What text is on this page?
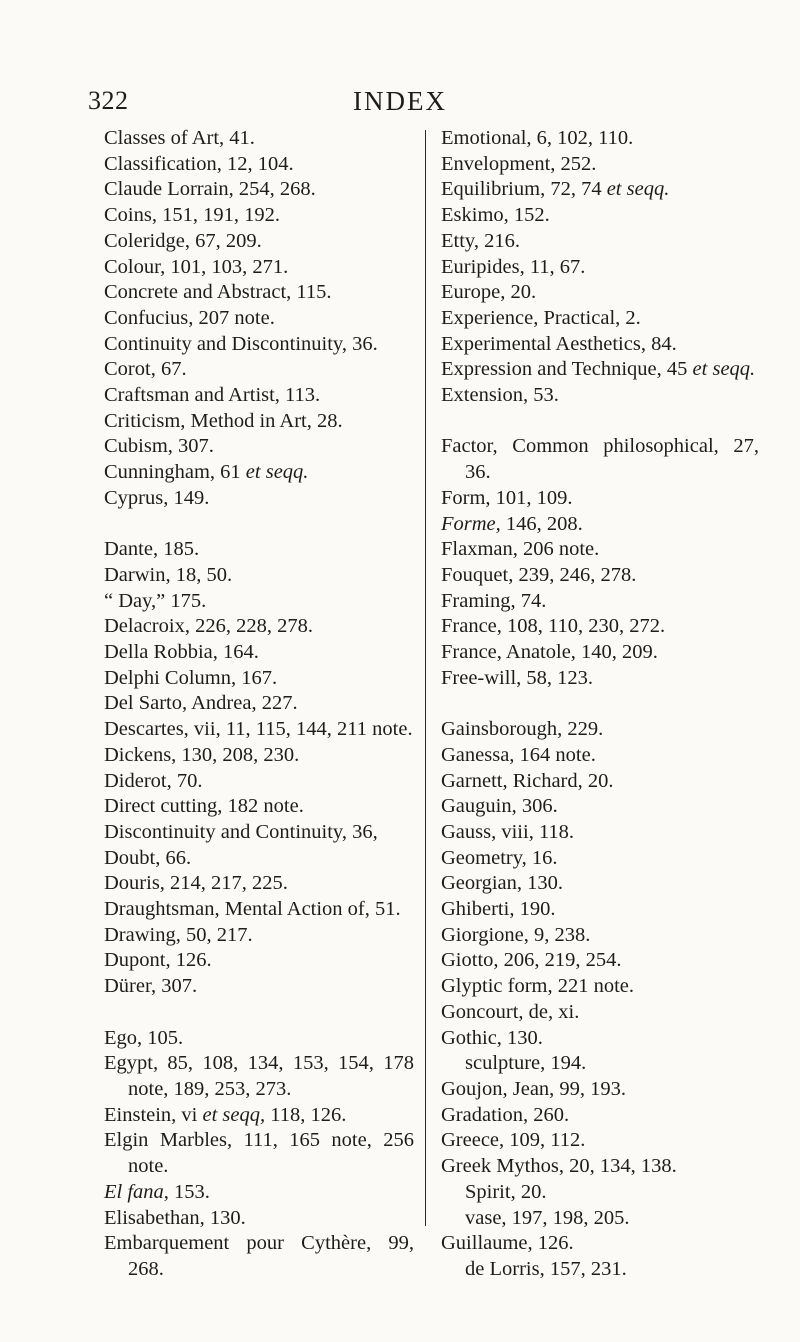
322	INDEX
Classes of Art, 41.
Classification, 12, 104.
Claude Lorrain, 254, 268.
Coins, 151, 191, 192.
Coleridge, 67, 209.
Colour, 101, 103, 271.
Concrete and Abstract, 115.
Confucius, 207 note.
Continuity and Discontinuity, 36.
Corot, 67.
Craftsman and Artist, 113.
Criticism, Method in Art, 28.
Cubism, 307.
Cunningham, 61 et seqq.
Cyprus, 149.
Dante, 185.
Darwin, 18, 50.
“ Day,” 175.
Delacroix, 226, 228, 278.
Della Robbia, 164.
Delphi Column, 167.
Del Sarto, Andrea, 227.
Descartes, vii, 11, 115, 144, 211 note.
Dickens, 130, 208, 230.
Diderot, 70.
Direct cutting, 182 note.
Discontinuity and Continuity, 36,
Doubt, 66.
Douris, 214, 217, 225.
Draughtsman, Mental Action of, 51.
Drawing, 50, 217.
Dupont, 126.
Dürer, 307.
Ego, 105.
Egypt, 85, 108, 134, 153, 154, 178 note, 189, 253, 273.
Einstein, vi et seqq, 118, 126.
Elgin Marbles, 111, 165 note, 256 note.
El fana, 153.
Elisabethan, 130.
Embarquement pour Cythère, 99, 268.
Emotional, 6, 102, 110.
Envelopment, 252.
Equilibrium, 72, 74 et seqq.
Eskimo, 152.
Etty, 216.
Euripides, 11, 67.
Europe, 20.
Experience, Practical, 2.
Experimental Aesthetics, 84.
Expression and Technique, 45 et seqq.
Extension, 53.
Factor, Common philosophical, 27, 36.
Form, 101, 109.
Forme, 146, 208.
Flaxman, 206 note.
Fouquet, 239, 246, 278.
Framing, 74.
France, 108, 110, 230, 272.
France, Anatole, 140, 209.
Free-will, 58, 123.
Gainsborough, 229.
Ganessa, 164 note.
Garnett, Richard, 20.
Gauguin, 306.
Gauss, viii, 118.
Geometry, 16.
Georgian, 130.
Ghiberti, 190.
Giorgione, 9, 238.
Giotto, 206, 219, 254.
Glyptic form, 221 note.
Goncourt, de, xi.
Gothic, 130.
sculpture, 194.
Goujon, Jean, 99, 193.
Gradation, 260.
Greece, 109, 112.
Greek Mythos, 20, 134, 138.
Spirit, 20.
vase, 197, 198, 205.
Guillaume, 126.
de Lorris, 157, 231.
